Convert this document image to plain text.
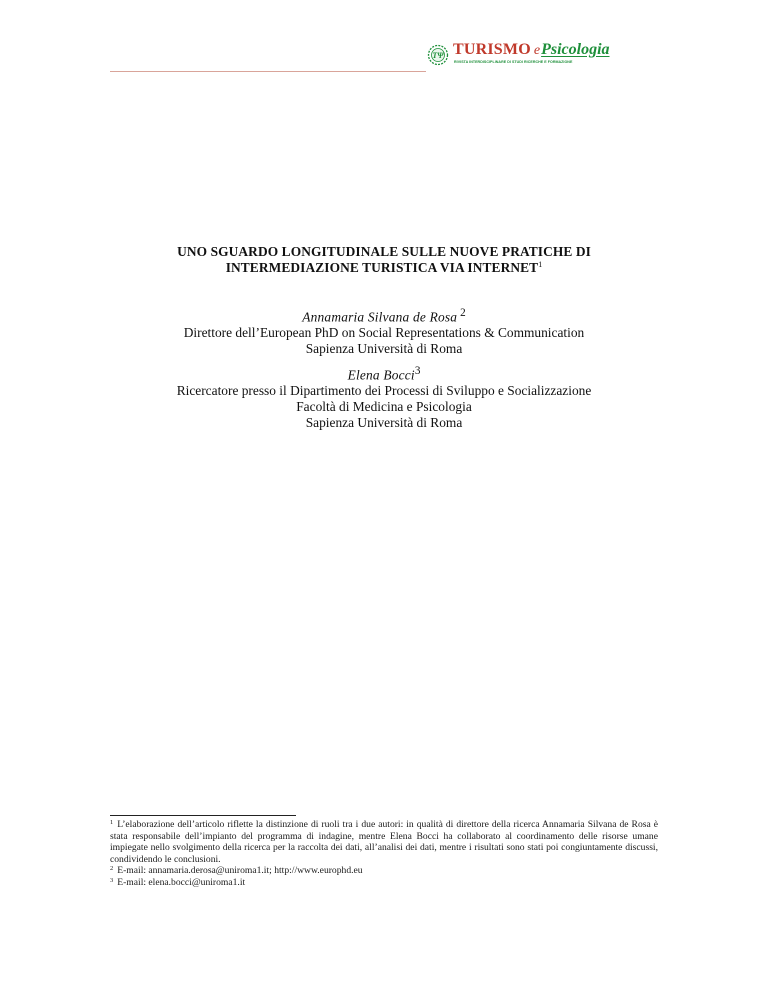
TΨ TURISMO ePsicologia
RIVISTA INTERDISCIPLINARE DI STUDI RICERCHE E FORMAZIONE
UNO SGUARDO LONGITUDINALE SULLE NUOVE PRATICHE DI
INTERMEDIAZIONE TURISTICA VIA INTERNET$^1$
Annamaria Silvana de Rosa $^2$
Direttore dell’European PhD on Social Representations & Communication
Sapienza Università di Roma
Elena Bocci$^3$
Ricercatore presso il Dipartimento dei Processi di Sviluppo e Socializzazione
Facoltà di Medicina e Psicologia
Sapienza Università di Roma
$^1$ L’elaborazione dell’articolo riflette la distinzione di ruoli tra i due autori: in qualità di direttore della ricerca Annamaria Silvana de Rosa è stata responsabile dell’impianto del programma di indagine, mentre Elena Bocci ha collaborato al coordinamento delle risorse umane impiegate nello svolgimento della ricerca per la raccolta dei dati, all’analisi dei dati, mentre i risultati sono stati poi congiuntamente discussi, condividendo le conclusioni.
$^2$ E-mail: annamaria.derosa@uniroma1.it; http://www.europhd.eu
$^3$ E-mail: elena.bocci@uniroma1.it
